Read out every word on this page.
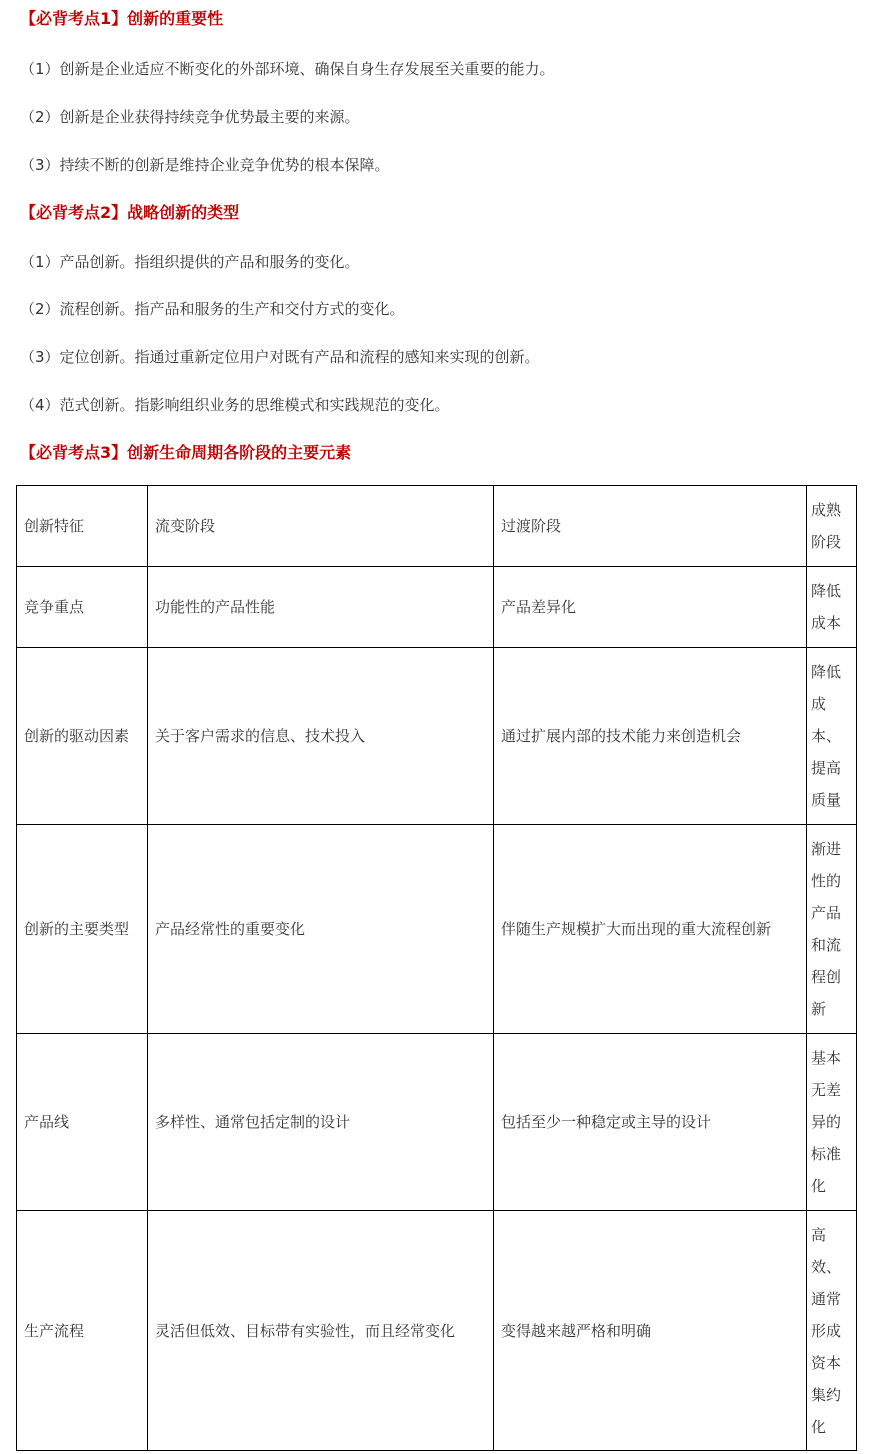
【必背考点1】创新的重要性
（1）创新是企业适应不断变化的外部环境、确保自身生存发展至关重要的能力。
（2）创新是企业获得持续竞争优势最主要的来源。
（3）持续不断的创新是维持企业竞争优势的根本保障。
【必背考点2】战略创新的类型
（1）产品创新。指组织提供的产品和服务的变化。
（2）流程创新。指产品和服务的生产和交付方式的变化。
（3）定位创新。指通过重新定位用户对既有产品和流程的感知来实现的创新。
（4）范式创新。指影响组织业务的思维模式和实践规范的变化。
【必背考点3】创新生命周期各阶段的主要元素
创新特征	流变阶段	过渡阶段	成熟阶段
竞争重点	功能性的产品性能	产品差异化	降低成本
创新的驱动因素	关于客户需求的信息、技术投入	通过扩展内部的技术能力来创造机会	降低成本、提高质量
创新的主要类型	产品经常性的重要变化	伴随生产规模扩大而出现的重大流程创新	渐进性的产品和流程创新
产品线	多样性、通常包括定制的设计	包括至少一种稳定或主导的设计	基本无差异的标准化
生产流程	灵活但低效、目标带有实验性，而且经常变化	变得越来越严格和明确	高效、通常形成资本集约化
